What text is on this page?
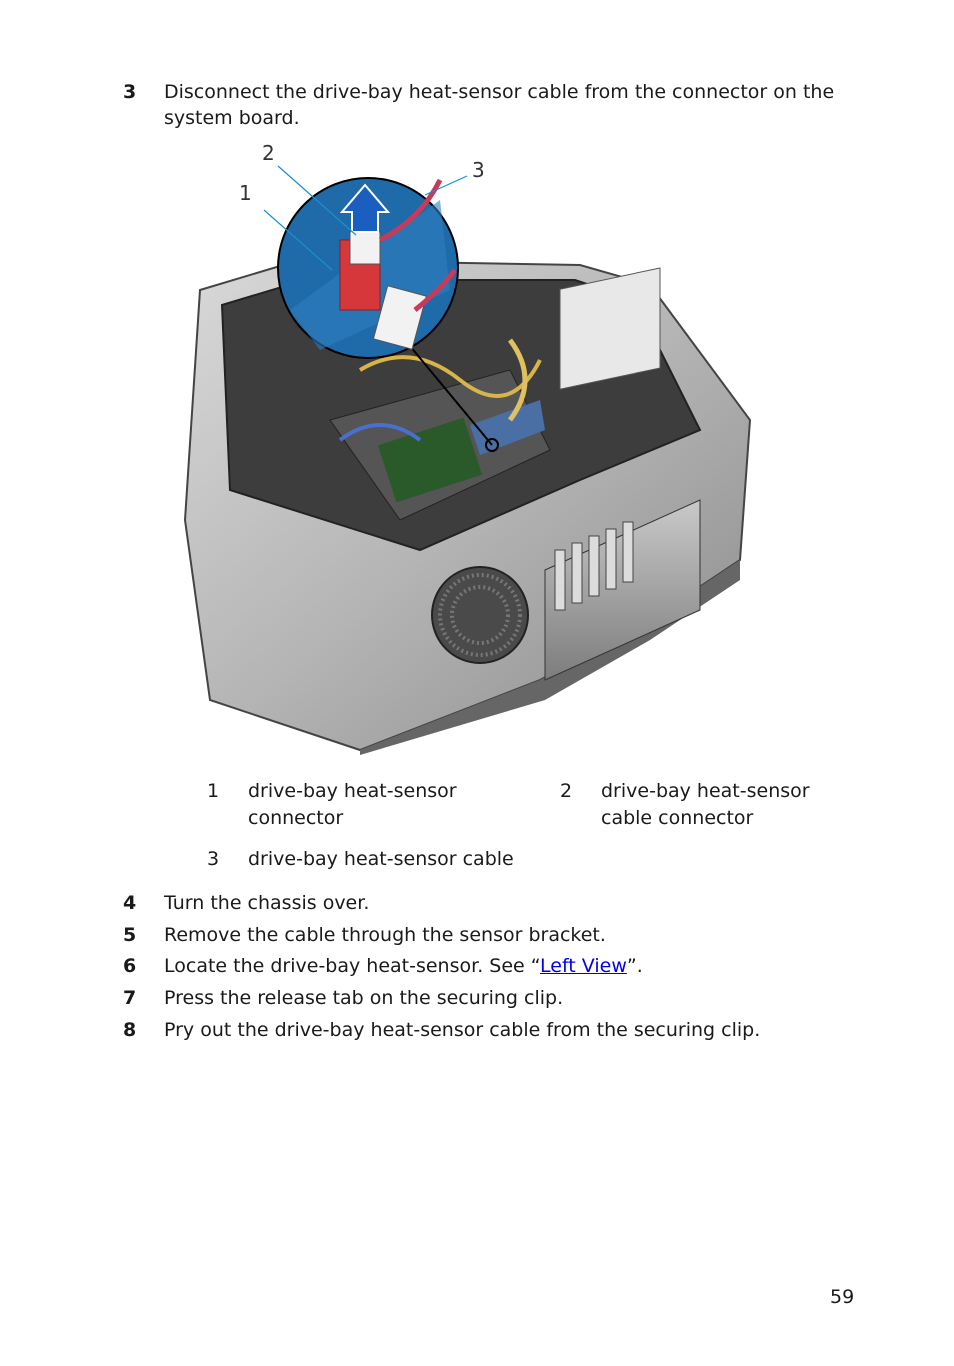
3 Disconnect the drive-bay heat-sensor cable from the connector on the system board.
1
2
3
1 drive-bay heat-sensor connector
2 drive-bay heat-sensor cable connector
3 drive-bay heat-sensor cable
4 Turn the chassis over.
5 Remove the cable through the sensor bracket.
6 Locate the drive-bay heat-sensor. See “Left View”.
7 Press the release tab on the securing clip.
8 Pry out the drive-bay heat-sensor cable from the securing clip.
59
